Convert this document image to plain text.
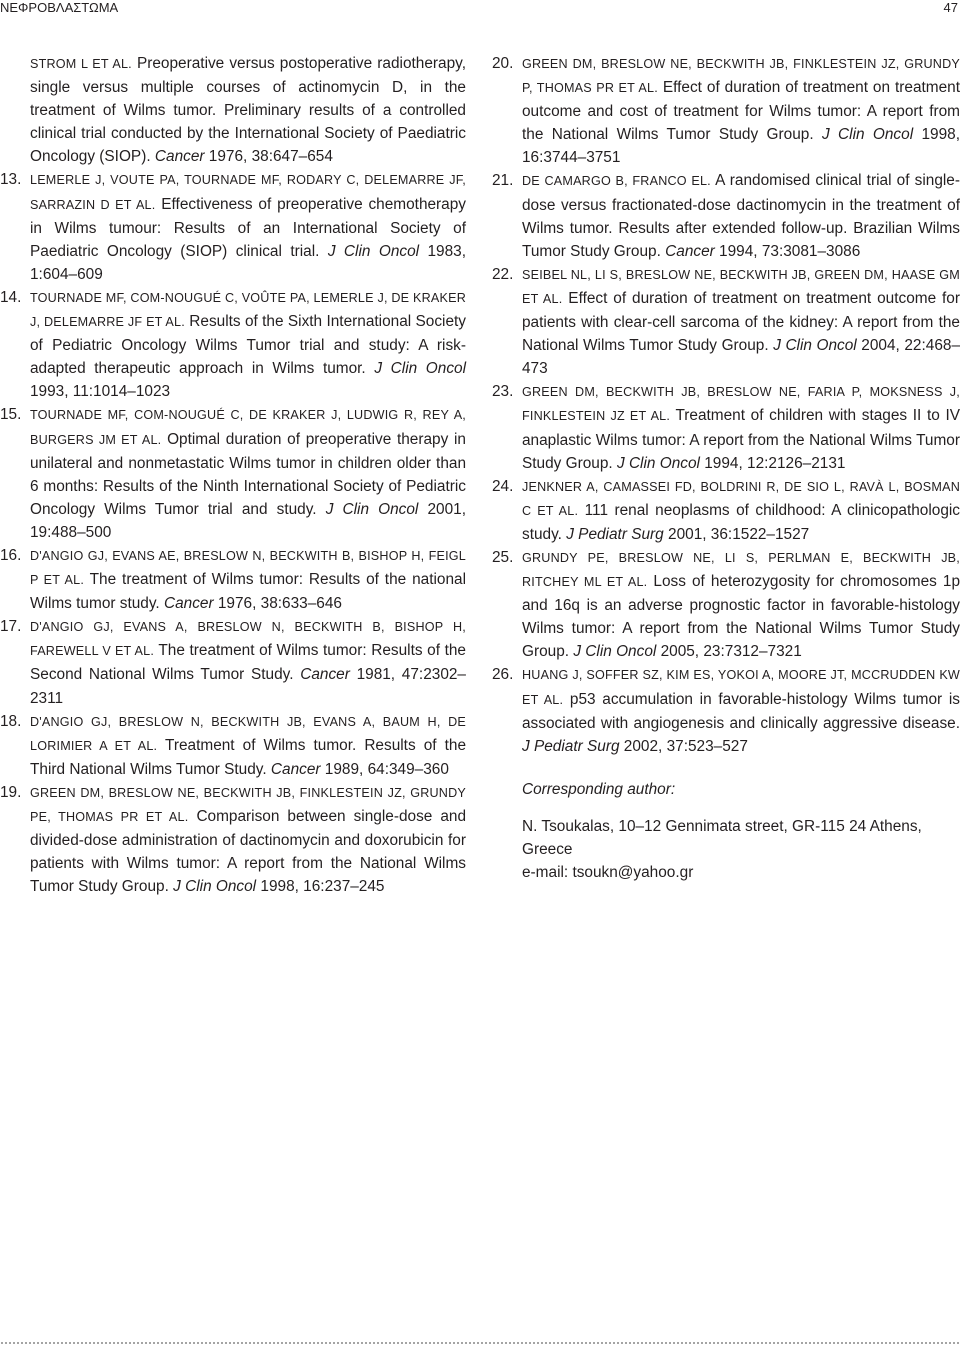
ΝΕΦΡΟΒΛΑΣΤΩΜΑ	47
STROM L ET AL. Preoperative versus postoperative radiotherapy, single versus multiple courses of actinomycin D, in the treatment of Wilms tumor. Preliminary results of a controlled clinical trial conducted by the International Society of Paediatric Oncology (SIOP). Cancer 1976, 38:647–654
13. LEMERLE J, VOUTE PA, TOURNADE MF, RODARY C, DELEMARRE JF, SARRAZIN D ET AL. Effectiveness of preoperative chemotherapy in Wilms tumour: Results of an International Society of Paediatric Oncology (SIOP) clinical trial. J Clin Oncol 1983, 1:604–609
14. TOURNADE MF, COM-NOUGUÉ C, VOÛTE PA, LEMERLE J, DE KRAKER J, DELEMARRE JF ET AL. Results of the Sixth International Society of Pediatric Oncology Wilms Tumor trial and study: A risk-adapted therapeutic approach in Wilms tumor. J Clin Oncol 1993, 11:1014–1023
15. TOURNADE MF, COM-NOUGUÉ C, DE KRAKER J, LUDWIG R, REY A, BURGERS JM ET AL. Optimal duration of preoperative therapy in unilateral and nonmetastatic Wilms tumor in children older than 6 months: Results of the Ninth International Society of Pediatric Oncology Wilms Tumor trial and study. J Clin Oncol 2001, 19:488–500
16. D'ANGIO GJ, EVANS AE, BRESLOW N, BECKWITH B, BISHOP H, FEIGL P ET AL. The treatment of Wilms tumor: Results of the national Wilms tumor study. Cancer 1976, 38:633–646
17. D'ANGIO GJ, EVANS A, BRESLOW N, BECKWITH B, BISHOP H, FAREWELL V ET AL. The treatment of Wilms tumor: Results of the Second National Wilms Tumor Study. Cancer 1981, 47:2302–2311
18. D'ANGIO GJ, BRESLOW N, BECKWITH JB, EVANS A, BAUM H, DE LORIMIER A ET AL. Treatment of Wilms tumor. Results of the Third National Wilms Tumor Study. Cancer 1989, 64:349–360
19. GREEN DM, BRESLOW NE, BECKWITH JB, FINKLESTEIN JZ, GRUNDY PE, THOMAS PR ET AL. Comparison between single-dose and divided-dose administration of dactinomycin and doxorubicin for patients with Wilms tumor: A report from the National Wilms Tumor Study Group. J Clin Oncol 1998, 16:237–245
20. GREEN DM, BRESLOW NE, BECKWITH JB, FINKLESTEIN JZ, GRUNDY P, THOMAS PR ET AL. Effect of duration of treatment on treatment outcome and cost of treatment for Wilms tumor: A report from the National Wilms Tumor Study Group. J Clin Oncol 1998, 16:3744–3751
21. DE CAMARGO B, FRANCO EL. A randomised clinical trial of single-dose versus fractionated-dose dactinomycin in the treatment of Wilms tumor. Results after extended follow-up. Brazilian Wilms Tumor Study Group. Cancer 1994, 73:3081–3086
22. SEIBEL NL, LI S, BRESLOW NE, BECKWITH JB, GREEN DM, HAASE GM ET AL. Effect of duration of treatment on treatment outcome for patients with clear-cell sarcoma of the kidney: A report from the National Wilms Tumor Study Group. J Clin Oncol 2004, 22:468–473
23. GREEN DM, BECKWITH JB, BRESLOW NE, FARIA P, MOKSNESS J, FINKLESTEIN JZ ET AL. Treatment of children with stages II to IV anaplastic Wilms tumor: A report from the National Wilms Tumor Study Group. J Clin Oncol 1994, 12:2126–2131
24. JENKNER A, CAMASSEI FD, BOLDRINI R, DE SIO L, RAVÀ L, BOSMAN C ET AL. 111 renal neoplasms of childhood: A clinicopathologic study. J Pediatr Surg 2001, 36:1522–1527
25. GRUNDY PE, BRESLOW NE, LI S, PERLMAN E, BECKWITH JB, RITCHEY ML ET AL. Loss of heterozygosity for chromosomes 1p and 16q is an adverse prognostic factor in favorable-histology Wilms tumor: A report from the National Wilms Tumor Study Group. J Clin Oncol 2005, 23:7312–7321
26. HUANG J, SOFFER SZ, KIM ES, YOKOI A, MOORE JT, MCCRUDDEN KW ET AL. p53 accumulation in favorable-histology Wilms tumor is associated with angiogenesis and clinically aggressive disease. J Pediatr Surg 2002, 37:523–527
Corresponding author:
N. Tsoukalas, 10–12 Gennimata street, GR-115 24 Athens, Greece
e-mail: tsoukn@yahoo.gr
